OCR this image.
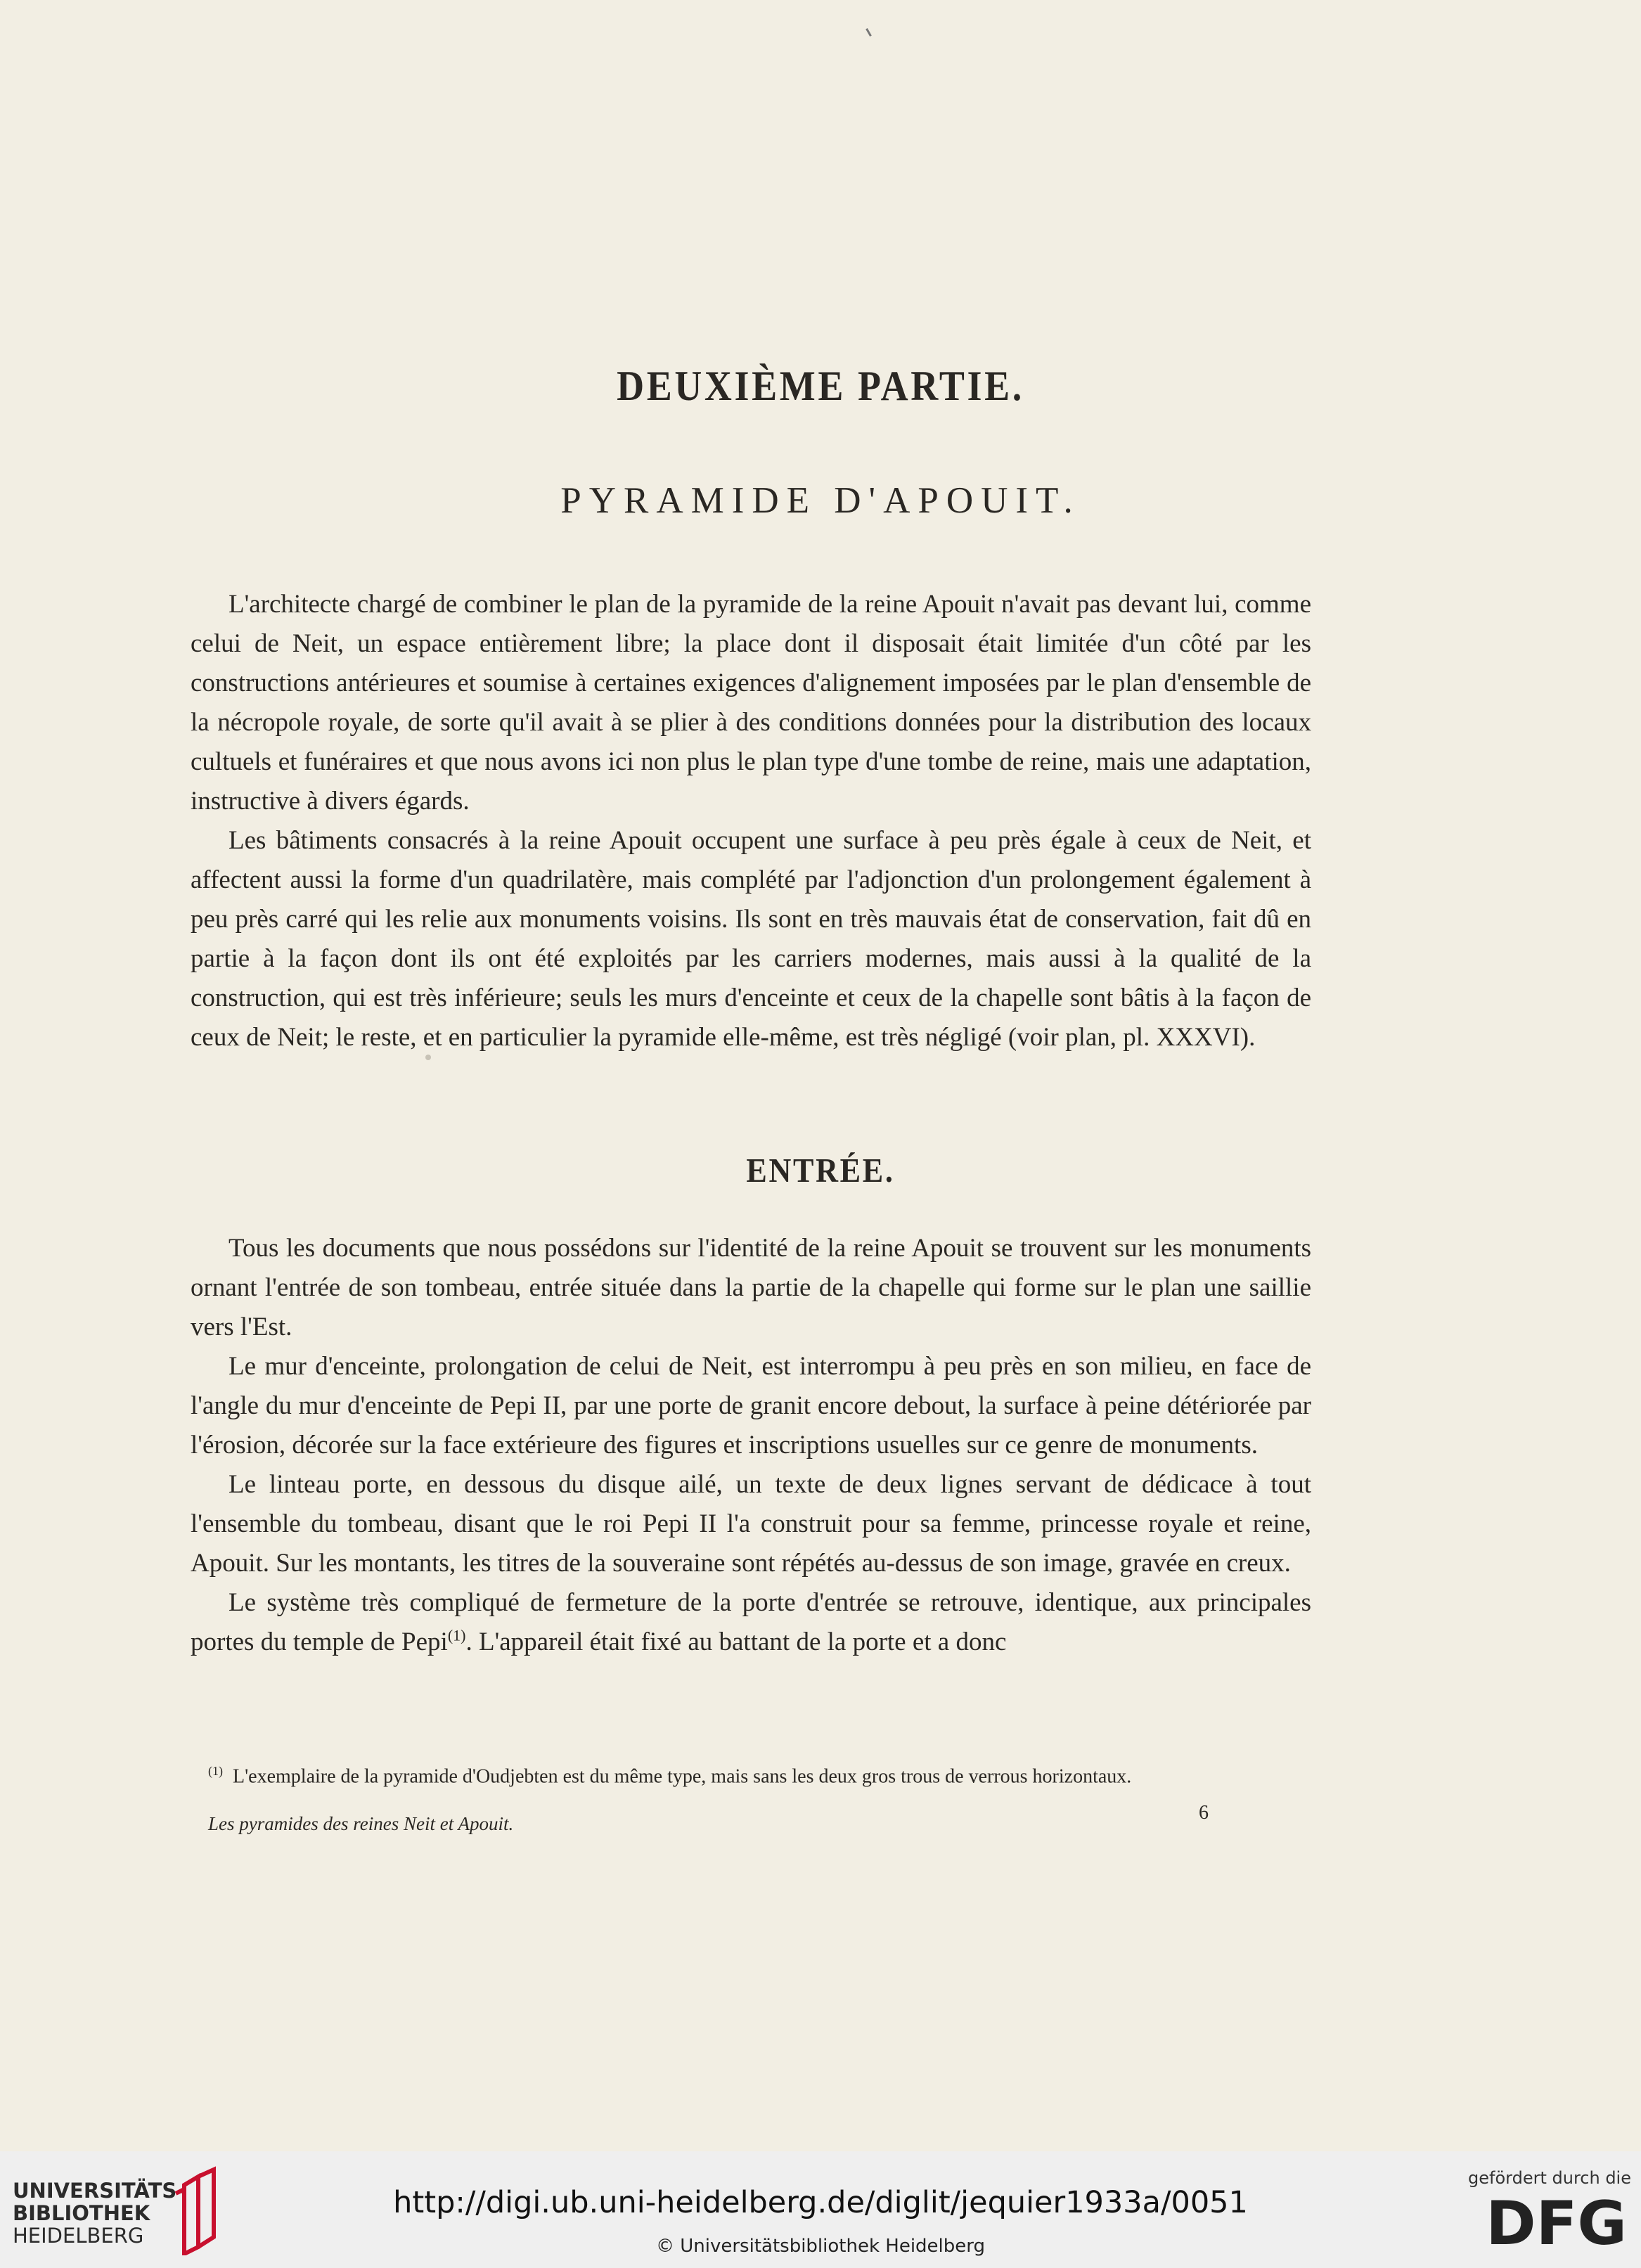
DEUXIÈME PARTIE.
PYRAMIDE D'APOUIT.

L'architecte chargé de combiner le plan de la pyramide de la reine Apouit n'avait pas devant lui, comme celui de Neit, un espace entièrement libre; la place dont il disposait était limitée d'un côté par les constructions antérieures et soumise à certaines exigences d'alignement imposées par le plan d'ensemble de la nécropole royale, de sorte qu'il avait à se plier à des conditions données pour la distribution des locaux cultuels et funéraires et que nous avons ici non plus le plan type d'une tombe de reine, mais une adaptation, instructive à divers égards.

Les bâtiments consacrés à la reine Apouit occupent une surface à peu près égale à ceux de Neit, et affectent aussi la forme d'un quadrilatère, mais complété par l'adjonction d'un prolongement également à peu près carré qui les relie aux monuments voisins. Ils sont en très mauvais état de conservation, fait dû en partie à la façon dont ils ont été exploités par les carriers modernes, mais aussi à la qualité de la construction, qui est très inférieure; seuls les murs d'enceinte et ceux de la chapelle sont bâtis à la façon de ceux de Neit; le reste, et en particulier la pyramide elle-même, est très négligé (voir plan, pl. XXXVI).

ENTRÉE.

Tous les documents que nous possédons sur l'identité de la reine Apouit se trouvent sur les monuments ornant l'entrée de son tombeau, entrée située dans la partie de la chapelle qui forme sur le plan une saillie vers l'Est.

Le mur d'enceinte, prolongation de celui de Neit, est interrompu à peu près en son milieu, en face de l'angle du mur d'enceinte de Pepi II, par une porte de granit encore debout, la surface à peine détériorée par l'érosion, décorée sur la face extérieure des figures et inscriptions usuelles sur ce genre de monuments.

Le linteau porte, en dessous du disque ailé, un texte de deux lignes servant de dédicace à tout l'ensemble du tombeau, disant que le roi Pepi II l'a construit pour sa femme, princesse royale et reine, Apouit. Sur les montants, les titres de la souveraine sont répétés au-dessus de son image, gravée en creux.

Le système très compliqué de fermeture de la porte d'entrée se retrouve, identique, aux principales portes du temple de Pepi$^{(1)}$. L'appareil était fixé au battant de la porte et a donc

$^{(1)}$ L'exemplaire de la pyramide d'Oudjebten est du même type, mais sans les deux gros trous de verrous horizontaux.
Les pyramides des reines Neit et Apouit.	6
UNIVERSITÄTS-
BIBLIOTHEK
HEIDELBERG
http://digi.ub.uni-heidelberg.de/diglit/jequier1933a/0051
© Universitätsbibliothek Heidelberg
gefördert durch die
DFG
